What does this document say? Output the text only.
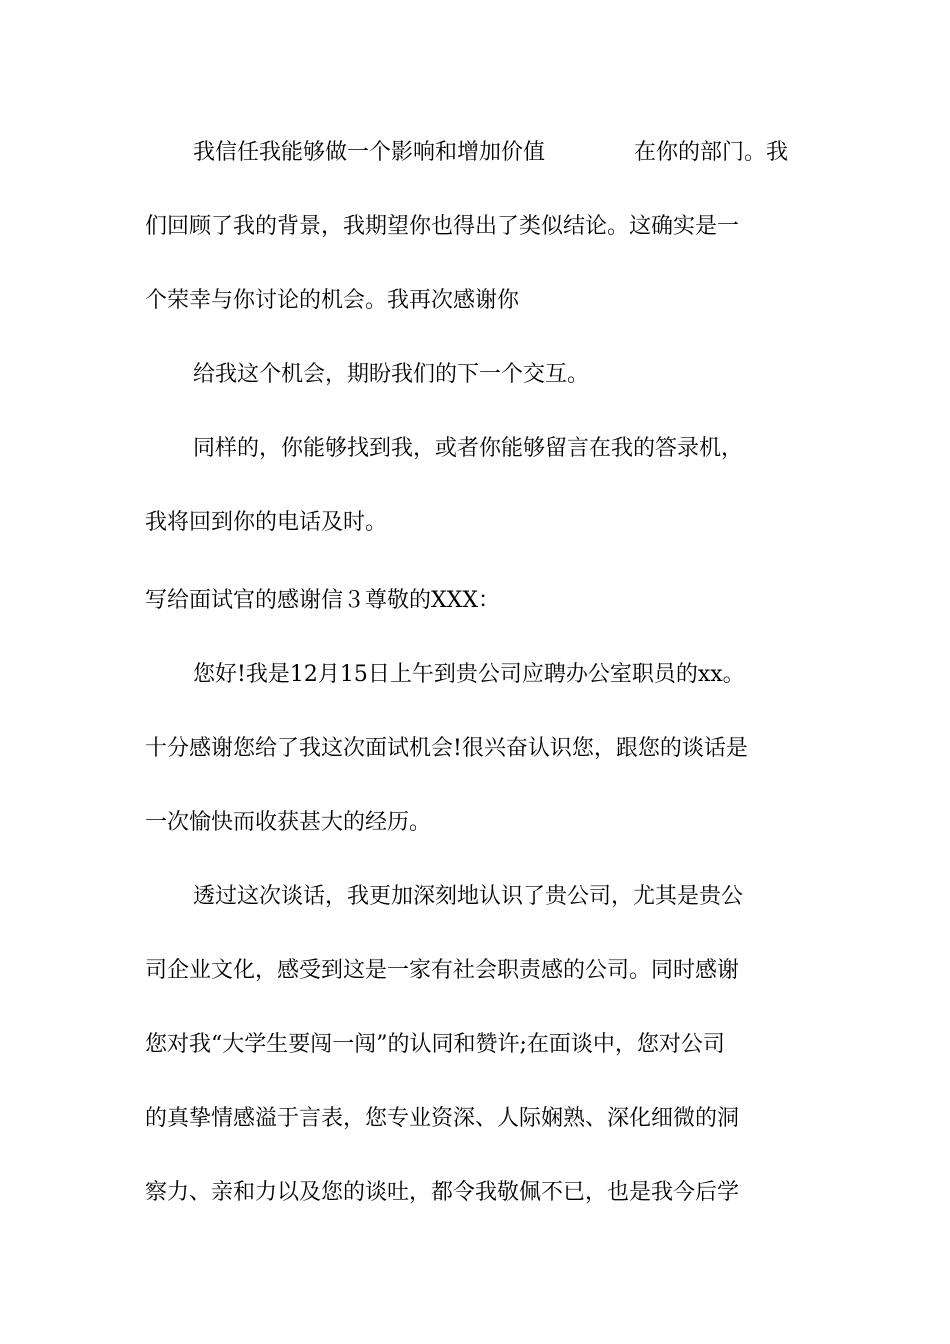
我信任我能够做一个影响和增加价值	在你的部门。我
们回顾了我的背景，我期望你也得出了类似结论。这确实是一
个荣幸与你讨论的机会。我再次感谢你
给我这个机会，期盼我们的下一个交互。
同样的，你能够找到我，或者你能够留言在我的答录机，
我将回到你的电话及时。
写给面试官的感谢信３尊敬的XXX：
您好!我是12月15日上午到贵公司应聘办公室职员的xx。
十分感谢您给了我这次面试机会!很兴奋认识您，跟您的谈话是
一次愉快而收获甚大的经历。
透过这次谈话，我更加深刻地认识了贵公司，尤其是贵公
司企业文化，感受到这是一家有社会职责感的公司。同时感谢
您对我“大学生要闯一闯”的认同和赞许;在面谈中，您对公司
的真挚情感溢于言表，您专业资深、人际娴熟、深化细微的洞
察力、亲和力以及您的谈吐，都令我敬佩不已，也是我今后学
